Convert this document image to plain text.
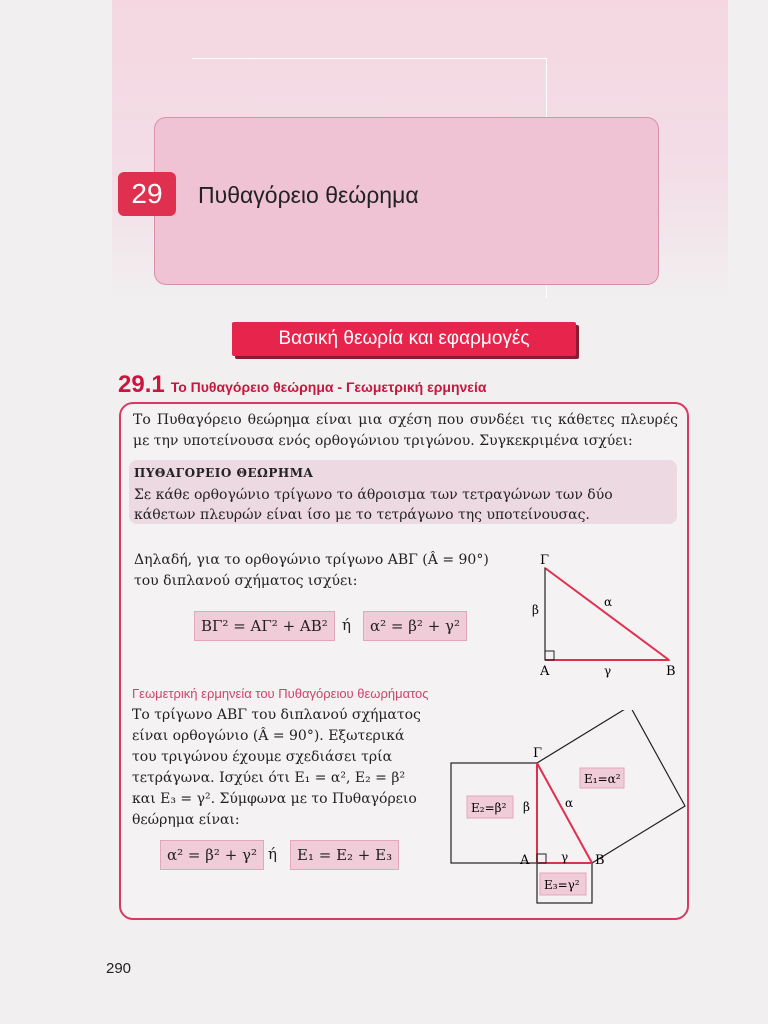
29	Πυθαγόρειο θεώρημα
Βασική θεωρία και εφαρμογές
29.1 Το Πυθαγόρειο θεώρημα - Γεωμετρική ερμηνεία
Το Πυθαγόρειο θεώρημα είναι μια σχέση που συνδέει τις κάθετες πλευρές με την υποτείνουσα ενός ορθογώνιου τριγώνου. Συγκεκριμένα ισχύει:
ΠΥΘΑΓΟΡΕΙΟ ΘΕΩΡΗΜΑ
Σε κάθε ορθογώνιο τρίγωνο το άθροισμα των τετραγώνων των δύο κάθετων πλευρών είναι ίσο με το τετράγωνο της υποτείνουσας.
Δηλαδή, για το ορθογώνιο τρίγωνο ΑΒΓ (Â = 90°) του διπλανού σχήματος ισχύει:
ΒΓ² = ΑΓ² + ΑΒ² ή	α² = β² + γ²
Γ
Α	Β
α
β
γ
Γεωμετρική ερμηνεία του Πυθαγόρειου θεωρήματος
Το τρίγωνο ΑΒΓ του διπλανού σχήματος είναι ορθογώνιο (Â = 90°). Εξωτερικά του τριγώνου έχουμε σχεδιάσει τρία τετράγωνα. Ισχύει ότι Ε₁ = α², Ε₂ = β² και Ε₃ = γ². Σύμφωνα με το Πυθαγόρειο θεώρημα είναι:
α² = β² + γ² ή	Ε₁ = Ε₂ + Ε₃
Γ
Α	Β
α
β
γ
Ε₁=α²
Ε₂=β²
Ε₃=γ²
290
